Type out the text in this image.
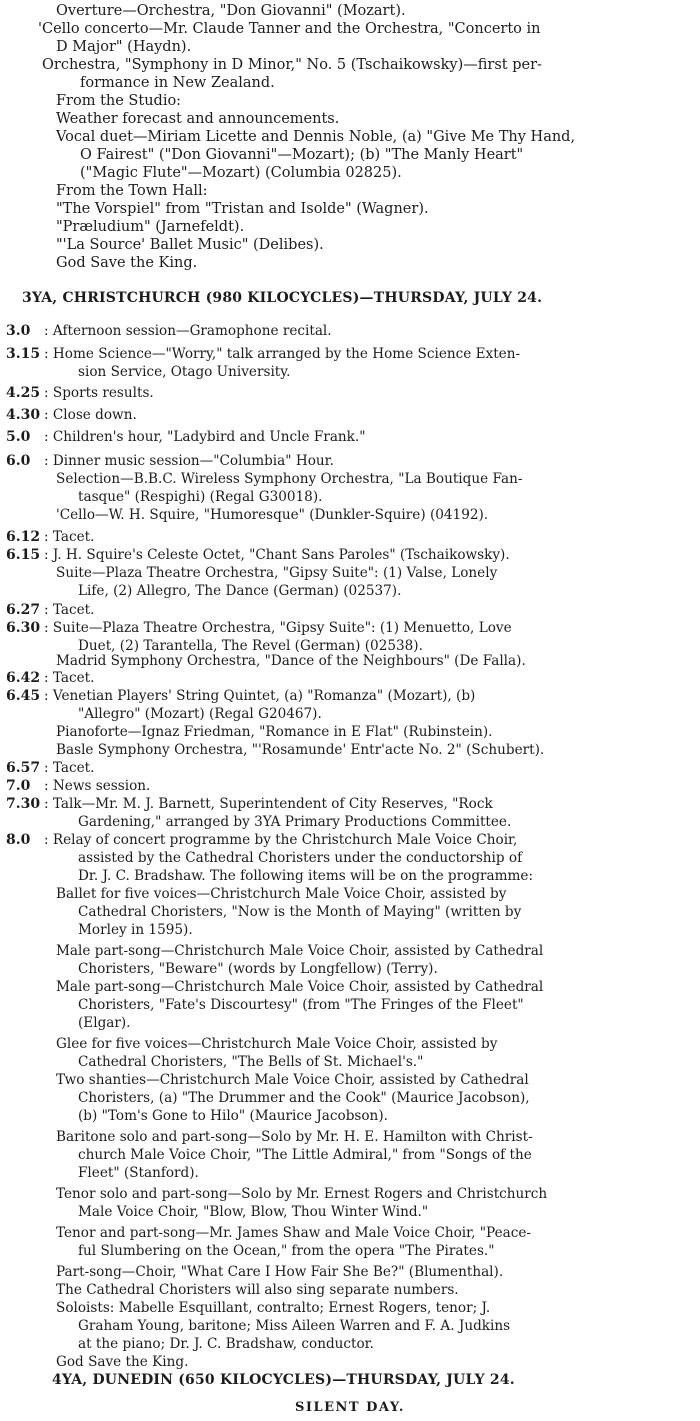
Overture—Orchestra, "Don Giovanni" (Mozart).
'Cello concerto—Mr. Claude Tanner and the Orchestra, "Concerto in
D Major" (Haydn).
Orchestra, "Symphony in D Minor," No. 5 (Tschaikowsky)—first per-
formance in New Zealand.
From the Studio:
Weather forecast and announcements.
Vocal duet—Miriam Licette and Dennis Noble, (a) "Give Me Thy Hand,
O Fairest" ("Don Giovanni"—Mozart); (b) "The Manly Heart"
("Magic Flute"—Mozart) (Columbia 02825).
From the Town Hall:
"The Vorspiel" from "Tristan and Isolde" (Wagner).
"Præludium" (Jarnefeldt).
"'La Source' Ballet Music" (Delibes).
God Save the King.
3YA, CHRISTCHURCH (980 KILOCYCLES)—THURSDAY, JULY 24.
3.0
3.15
4.25
4.30
5.0
6.0
6.12
6.15
6.27
6.30
6.42
6.45
6.57
7.0
7.30
8.0
: Afternoon session—Gramophone recital.
: Home Science—"Worry," talk arranged by the Home Science Exten-
sion Service, Otago University.
: Sports results.
: Close down.
: Children's hour, "Ladybird and Uncle Frank."
: Dinner music session—"Columbia" Hour.
Selection—B.B.C. Wireless Symphony Orchestra, "La Boutique Fan-
tasque" (Respighi) (Regal G30018).
'Cello—W. H. Squire, "Humoresque" (Dunkler-Squire) (04192).
: Tacet.
: J. H. Squire's Celeste Octet, "Chant Sans Paroles" (Tschaikowsky).
Suite—Plaza Theatre Orchestra, "Gipsy Suite": (1) Valse, Lonely
Life, (2) Allegro, The Dance (German) (02537).
: Tacet.
: Suite—Plaza Theatre Orchestra, "Gipsy Suite": (1) Menuetto, Love
Duet, (2) Tarantella, The Revel (German) (02538).
Madrid Symphony Orchestra, "Dance of the Neighbours" (De Falla).
: Tacet.
: Venetian Players' String Quintet, (a) "Romanza" (Mozart), (b)
"Allegro" (Mozart) (Regal G20467).
Pianoforte—Ignaz Friedman, "Romance in E Flat" (Rubinstein).
Basle Symphony Orchestra, "'Rosamunde' Entr'acte No. 2" (Schubert).
: Tacet.
: News session.
: Talk—Mr. M. J. Barnett, Superintendent of City Reserves, "Rock
Gardening," arranged by 3YA Primary Productions Committee.
: Relay of concert programme by the Christchurch Male Voice Choir,
assisted by the Cathedral Choristers under the conductorship of
Dr. J. C. Bradshaw. The following items will be on the programme:
Ballet for five voices—Christchurch Male Voice Choir, assisted by
Cathedral Choristers, "Now is the Month of Maying" (written by
Morley in 1595).
Male part-song—Christchurch Male Voice Choir, assisted by Cathedral
Choristers, "Beware" (words by Longfellow) (Terry).
Male part-song—Christchurch Male Voice Choir, assisted by Cathedral
Choristers, "Fate's Discourtesy" (from "The Fringes of the Fleet"
(Elgar).
Glee for five voices—Christchurch Male Voice Choir, assisted by
Cathedral Choristers, "The Bells of St. Michael's."
Two shanties—Christchurch Male Voice Choir, assisted by Cathedral
Choristers, (a) "The Drummer and the Cook" (Maurice Jacobson),
(b) "Tom's Gone to Hilo" (Maurice Jacobson).
Baritone solo and part-song—Solo by Mr. H. E. Hamilton with Christ-
church Male Voice Choir, "The Little Admiral," from "Songs of the
Fleet" (Stanford).
Tenor solo and part-song—Solo by Mr. Ernest Rogers and Christchurch
Male Voice Choir, "Blow, Blow, Thou Winter Wind."
Tenor and part-song—Mr. James Shaw and Male Voice Choir, "Peace-
ful Slumbering on the Ocean," from the opera "The Pirates."
Part-song—Choir, "What Care I How Fair She Be?" (Blumenthal).
The Cathedral Choristers will also sing separate numbers.
Soloists: Mabelle Esquillant, contralto; Ernest Rogers, tenor; J.
Graham Young, baritone; Miss Aileen Warren and F. A. Judkins
at the piano; Dr. J. C. Bradshaw, conductor.
God Save the King.
4YA, DUNEDIN (650 KILOCYCLES)—THURSDAY, JULY 24.
SILENT DAY.
